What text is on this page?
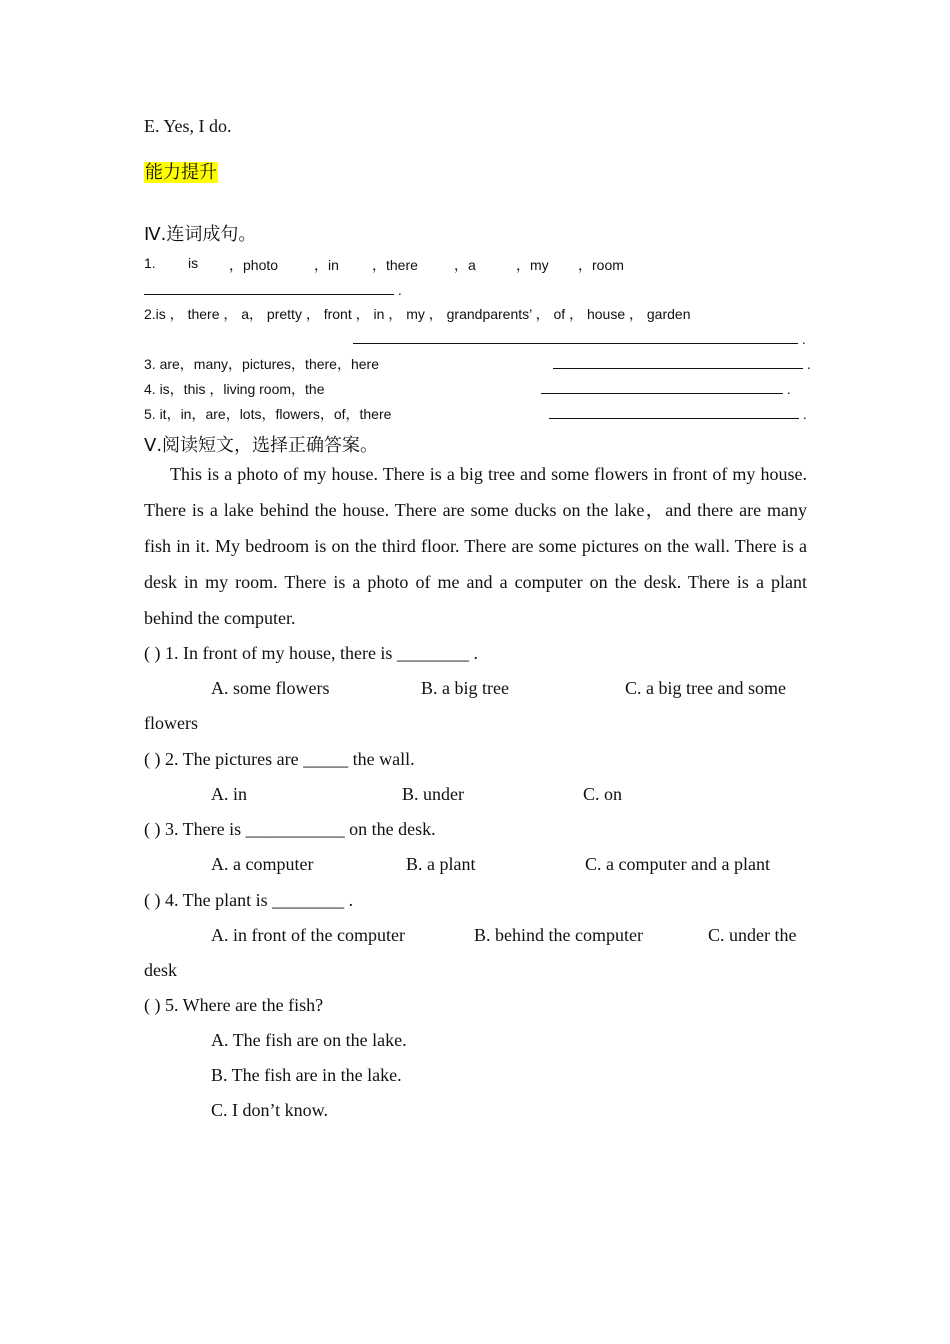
E. Yes, I do.
能力提升
Ⅳ.连词成句。
1. is ，photo	，in ，there	，a	，my ，room
.
2.is ， there ， a， pretty ， front ， in ， my ， grandparents’ ， of ， house ， garden
.
3. are，many，pictures，there，here	.
4. is，this ，living room，the	.
5. it，in，are，lots，flowers，of，there	.
Ⅴ.阅读短文，选择正确答案。
This is a photo of my house. There is a big tree and some flowers in front of my house. There is a lake behind the house. There are some ducks on the lake，and there are many fish in it. My bedroom is on the third floor. There are some pictures on the wall. There is a desk in my room. There is a photo of me and a computer on the desk. There is a plant behind the computer.
( ) 1. In front of my house, there is ________ .
A. some flowers	B. a big tree	C. a big tree and some
flowers
( ) 2. The pictures are _____ the wall.
A. in	B. under	C. on
( ) 3. There is ___________ on the desk.
A. a computer	B. a plant	C. a computer and a plant
( ) 4. The plant is ________ .
A. in front of the computer	B. behind the computer	C. under the
desk
( ) 5. Where are the fish?
A. The fish are on the lake.
B. The fish are in the lake.
C. I don’t know.
